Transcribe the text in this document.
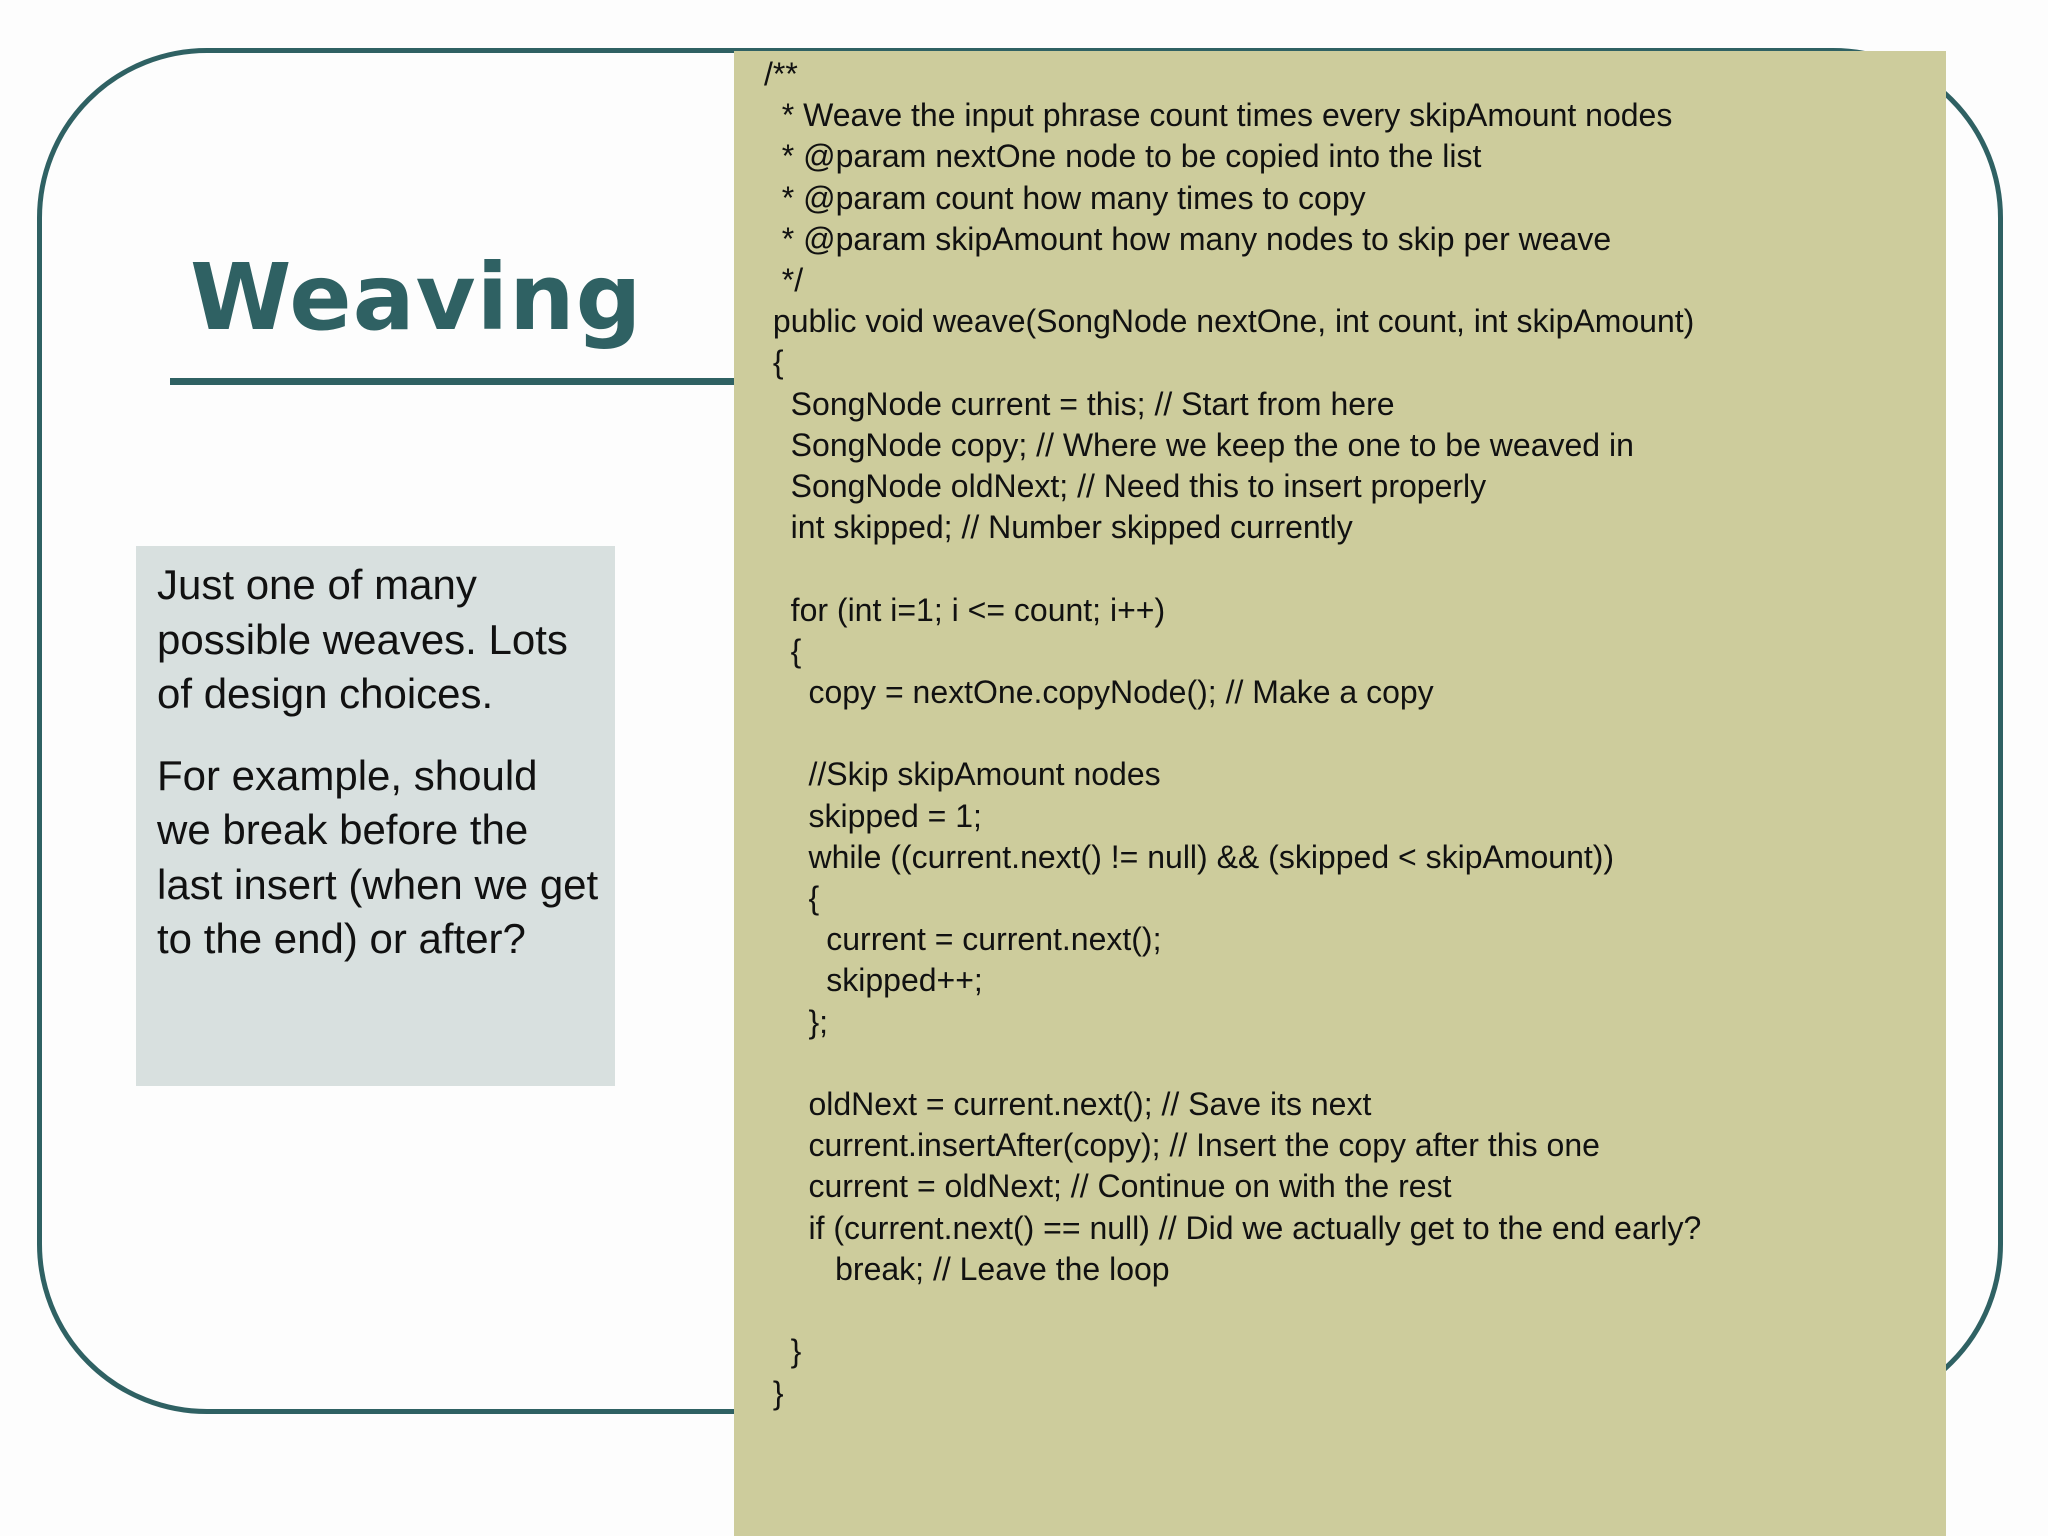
Weaving

Just one of many possible weaves. Lots of design choices.

For example, should we break before the last insert (when we get to the end) or after?

/**
* Weave the input phrase count times every skipAmount nodes
* @param nextOne node to be copied into the list
* @param count how many times to copy
* @param skipAmount how many nodes to skip per weave
*/
public void weave(SongNode nextOne, int count, int skipAmount)
{
SongNode current = this; // Start from here
SongNode copy; // Where we keep the one to be weaved in
SongNode oldNext; // Need this to insert properly
int skipped; // Number skipped currently

for (int i=1; i <= count; i++)
{
copy = nextOne.copyNode(); // Make a copy

//Skip skipAmount nodes
skipped = 1;
while ((current.next() != null) && (skipped < skipAmount))
{
current = current.next();
skipped++;
};

oldNext = current.next(); // Save its next
current.insertAfter(copy); // Insert the copy after this one
current = oldNext; // Continue on with the rest
if (current.next() == null) // Did we actually get to the end early?
break; // Leave the loop

}
}
